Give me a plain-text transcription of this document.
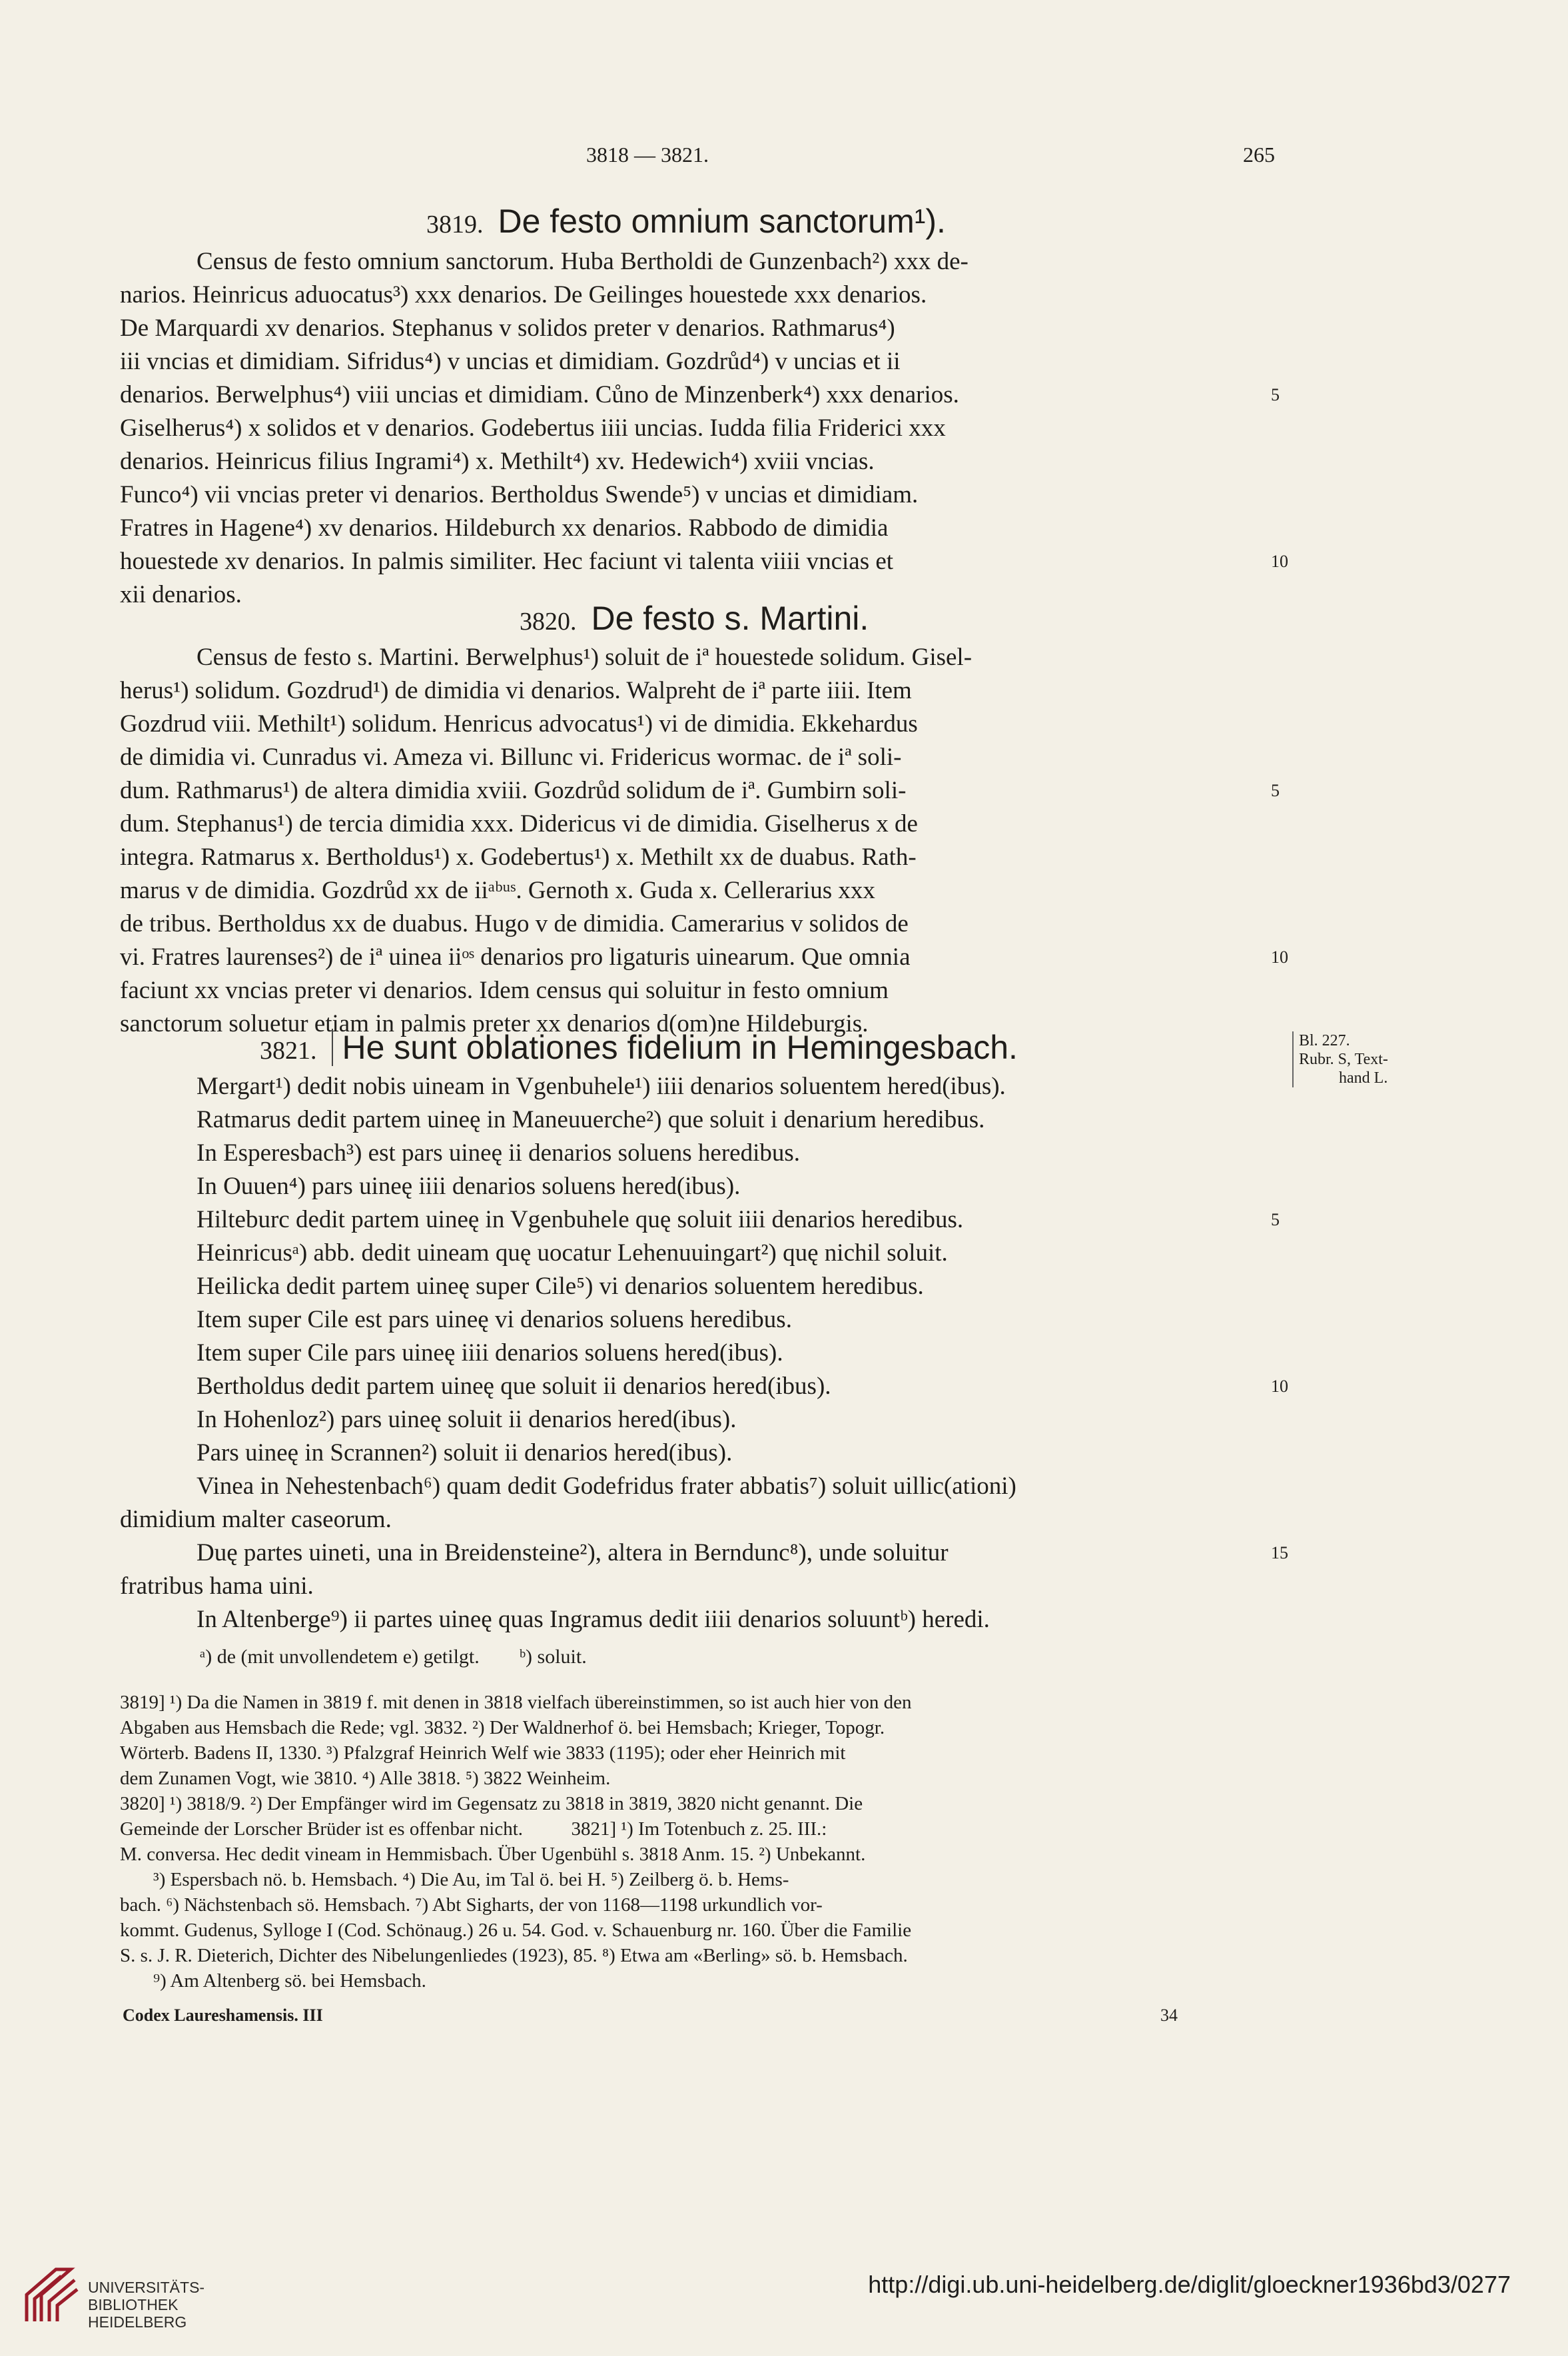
3818 — 3821.	265
3819. De festo omnium sanctorum¹).
Census de festo omnium sanctorum. Huba Bertholdi de Gunzenbach²) xxx de-
narios. Heinricus aduocatus³) xxx denarios. De Geilinges houestede xxx denarios.
De Marquardi xv denarios. Stephanus v solidos preter v denarios. Rathmarus⁴)
iii vncias et dimidiam. Sifridus⁴) v uncias et dimidiam. Gozdrůd⁴) v uncias et ii
denarios. Berwelphus⁴) viii uncias et dimidiam. Cůno de Minzenberk⁴) xxx denarios.
Giselherus⁴) x solidos et v denarios. Godebertus iiii uncias. Iudda filia Friderici xxx
denarios. Heinricus filius Ingrami⁴) x. Methilt⁴) xv. Hedewich⁴) xviii vncias.
Funco⁴) vii vncias preter vi denarios. Bertholdus Swende⁵) v uncias et dimidiam.
Fratres in Hagene⁴) xv denarios. Hildeburch xx denarios. Rabbodo de dimidia
houestede xv denarios. In palmis similiter. Hec faciunt vi talenta viiii vncias et
xii denarios.
5
10
3820. De festo s. Martini.
Census de festo s. Martini. Berwelphus¹) soluit de iª houestede solidum. Gisel-
herus¹) solidum. Gozdrud¹) de dimidia vi denarios. Walpreht de iª parte iiii. Item
Gozdrud viii. Methilt¹) solidum. Henricus advocatus¹) vi de dimidia. Ekkehardus
de dimidia vi. Cunradus vi. Ameza vi. Billunc vi. Fridericus wormac. de iª soli-
dum. Rathmarus¹) de altera dimidia xviii. Gozdrůd solidum de iª. Gumbirn soli-
dum. Stephanus¹) de tercia dimidia xxx. Didericus vi de dimidia. Giselherus x de
integra. Ratmarus x. Bertholdus¹) x. Godebertus¹) x. Methilt xx de duabus. Rath-
marus v de dimidia. Gozdrůd xx de iiᵃᵇᵘˢ. Gernoth x. Guda x. Cellerarius xxx
de tribus. Bertholdus xx de duabus. Hugo v de dimidia. Camerarius v solidos de
vi. Fratres laurenses²) de iª uinea iiᵒˢ denarios pro ligaturis uinearum. Que omnia
faciunt xx vncias preter vi denarios. Idem census qui soluitur in festo omnium
sanctorum soluetur etiam in palmis preter xx denarios d(om)ne Hildeburgis.
5
10
3821. He sunt oblationes fidelium in Hemingesbach.	Bl. 227.
Rubr. S, Text-
hand L.
Mergart¹) dedit nobis uineam in Vgenbuhele¹) iiii denarios soluentem hered(ibus).
Ratmarus dedit partem uineę in Maneuuerche²) que soluit i denarium heredibus.
In Esperesbach³) est pars uineę ii denarios soluens heredibus.
In Ouuen⁴) pars uineę iiii denarios soluens hered(ibus).
Hilteburc dedit partem uineę in Vgenbuhele quę soluit iiii denarios heredibus.
Heinricusᵃ) abb. dedit uineam quę uocatur Lehenuuingart²) quę nichil soluit.
Heilicka dedit partem uineę super Cile⁵) vi denarios soluentem heredibus.
Item super Cile est pars uineę vi denarios soluens heredibus.
Item super Cile pars uineę iiii denarios soluens hered(ibus).
Bertholdus dedit partem uineę que soluit ii denarios hered(ibus).
In Hohenloz²) pars uineę soluit ii denarios hered(ibus).
Pars uineę in Scrannen²) soluit ii denarios hered(ibus).
Vinea in Nehestenbach⁶) quam dedit Godefridus frater abbatis⁷) soluit uillic(ationi)
dimidium malter caseorum.
Duę partes uineti, una in Breidensteine²), altera in Berndunc⁸), unde soluitur
fratribus hama uini.
In Altenberge⁹) ii partes uineę quas Ingramus dedit iiii denarios soluuntᵇ) heredi.
5
10
15
ᵃ) de (mit unvollendetem e) getilgt.        ᵇ) soluit.
3819] ¹) Da die Namen in 3819 f. mit denen in 3818 vielfach übereinstimmen, so ist auch hier von den
Abgaben aus Hemsbach die Rede; vgl. 3832. ²) Der Waldnerhof ö. bei Hemsbach; Krieger, Topogr.
Wörterb. Badens II, 1330. ³) Pfalzgraf Heinrich Welf wie 3833 (1195); oder eher Heinrich mit
dem Zunamen Vogt, wie 3810. ⁴) Alle 3818. ⁵) 3822 Weinheim.
3820] ¹) 3818/9. ²) Der Empfänger wird im Gegensatz zu 3818 in 3819, 3820 nicht genannt. Die
Gemeinde der Lorscher Brüder ist es offenbar nicht.          3821] ¹) Im Totenbuch z. 25. III.:
M. conversa. Hec dedit vineam in Hemmisbach. Über Ugenbühl s. 3818 Anm. 15. ²) Unbekannt.
³) Espersbach nö. b. Hemsbach. ⁴) Die Au, im Tal ö. bei H. ⁵) Zeilberg ö. b. Hems-
bach. ⁶) Nächstenbach sö. Hemsbach. ⁷) Abt Sigharts, der von 1168—1198 urkundlich vor-
kommt. Gudenus, Sylloge I (Cod. Schönaug.) 26 u. 54. God. v. Schauenburg nr. 160. Über die Familie
S. s. J. R. Dieterich, Dichter des Nibelungenliedes (1923), 85. ⁸) Etwa am «Berling» sö. b. Hemsbach.
⁹) Am Altenberg sö. bei Hemsbach.
Codex Laureshamensis. III	34
UNIVERSITÄTS-
BIBLIOTHEK
HEIDELBERG
http://digi.ub.uni-heidelberg.de/diglit/gloeckner1936bd3/0277
